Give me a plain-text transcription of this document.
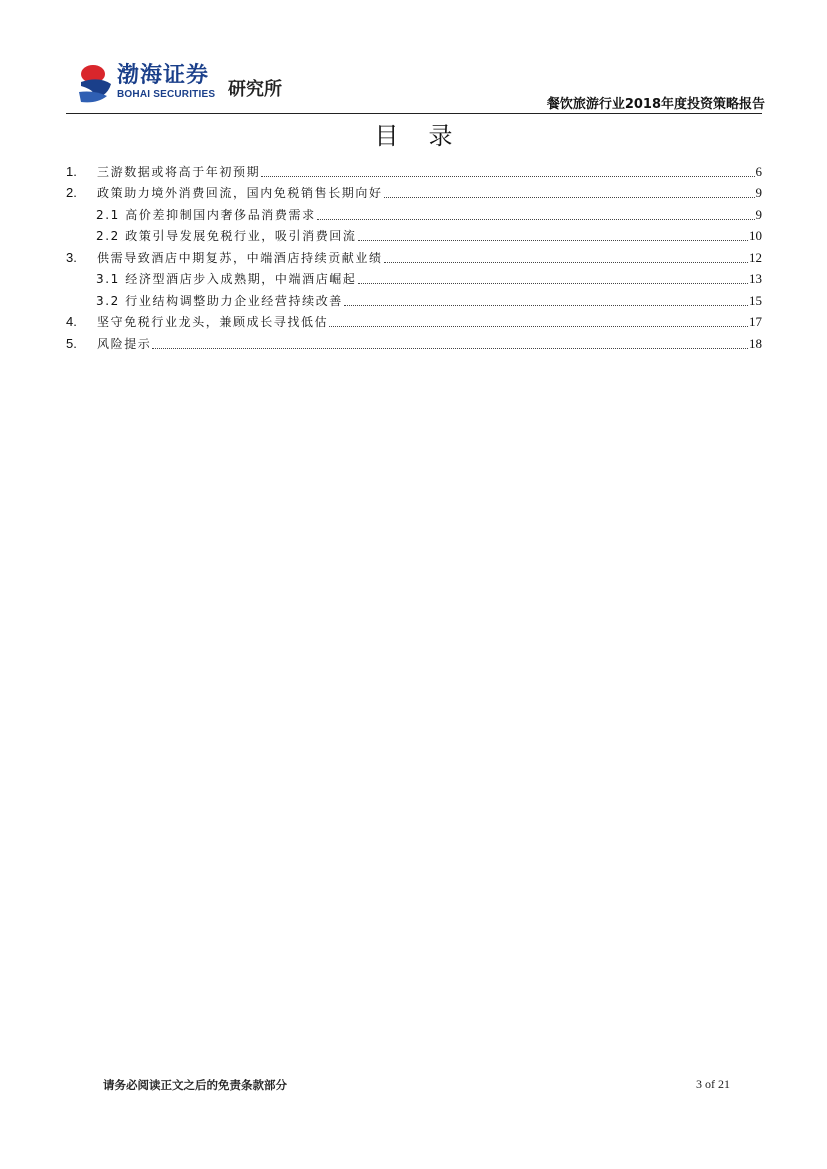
渤海证券
BOHAI SECURITIES 研究所
餐饮旅游行业2018年度投资策略报告
目录
1.	三游数据或将高于年初预期	6
2.	政策助力境外消费回流，国内免税销售长期向好	9
2.1 高价差抑制国内奢侈品消费需求	9
2.2 政策引导发展免税行业，吸引消费回流	10
3.	供需导致酒店中期复苏，中端酒店持续贡献业绩	12
3.1 经济型酒店步入成熟期，中端酒店崛起	13
3.2 行业结构调整助力企业经营持续改善	15
4.	坚守免税行业龙头，兼顾成长寻找低估	17
5.	风险提示	18
请务必阅读正文之后的免责条款部分	3 of 21
